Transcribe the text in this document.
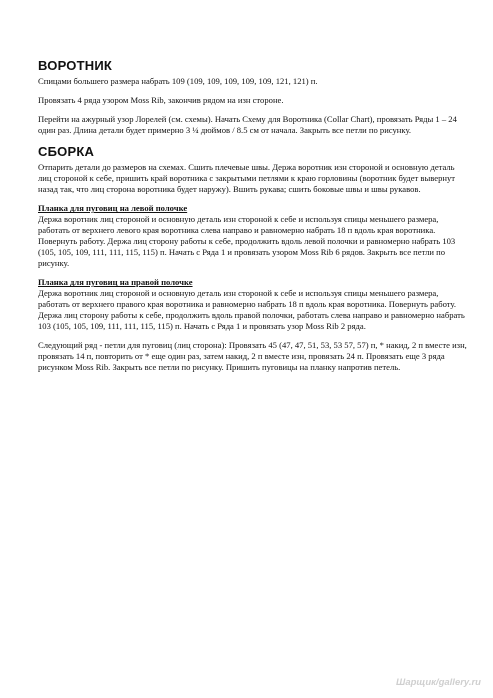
ВОРОТНИК
Спицами большего размера набрать 109 (109, 109, 109, 109, 109, 121, 121) п.
Провязать 4 ряда узором Moss Rib, закончив рядом на изн стороне.
Перейти на ажурный узор Лорелей (см. схемы). Начать Схему для Воротника (Collar Chart), провязать Ряды 1 – 24 один раз. Длина детали будет примерно 3 ¼ дюймов / 8.5 см от начала. Закрыть все петли по рисунку.
СБОРКА
Отпарить детали до размеров на схемах. Сшить плечевые швы. Держа воротник изн стороной и основную деталь лиц стороной к себе, пришить край воротника с закрытыми петлями к краю горловины (воротник будет вывернут назад так, что лиц сторона воротника будет наружу). Вшить рукава; сшить боковые швы и швы рукавов.
Планка для пуговиц на левой полочке
Держа воротник лиц стороной и основную деталь изн стороной к себе и используя спицы меньшего размера, работать от верхнего левого края воротника слева направо и равномерно набрать 18 п вдоль края воротника. Повернуть работу. Держа лиц сторону работы к себе, продолжить вдоль левой полочки и равномерно набрать 103 (105, 105, 109, 111, 111, 115, 115) п. Начать с Ряда 1 и провязать узором Moss Rib 6 рядов. Закрыть все петли по рисунку.
Планка для пуговиц на правой полочке
Держа воротник лиц стороной и основную деталь изн стороной к себе и используя спицы меньшего размера, работать от верхнего правого края воротника и равномерно набрать 18 п вдоль края воротника. Повернуть работу. Держа лиц сторону работы к себе, продолжить вдоль правой полочки, работать слева направо и равномерно набрать 103 (105, 105, 109, 111, 111, 115, 115) п. Начать с Ряда 1 и провязать узор Moss Rib 2 ряда.
Следующий ряд - петли для пуговиц (лиц сторона): Провязать 45 (47, 47, 51, 53, 53 57, 57) п, * накид, 2 п вместе изн, провязать 14 п, повторить от * еще один раз, затем накид, 2 п вместе изн, провязать 24 п. Провязать еще 3 ряда рисунком Moss Rib. Закрыть все петли по рисунку. Пришить пуговицы на планку напротив петель.
Шарщик/gallery.ru
